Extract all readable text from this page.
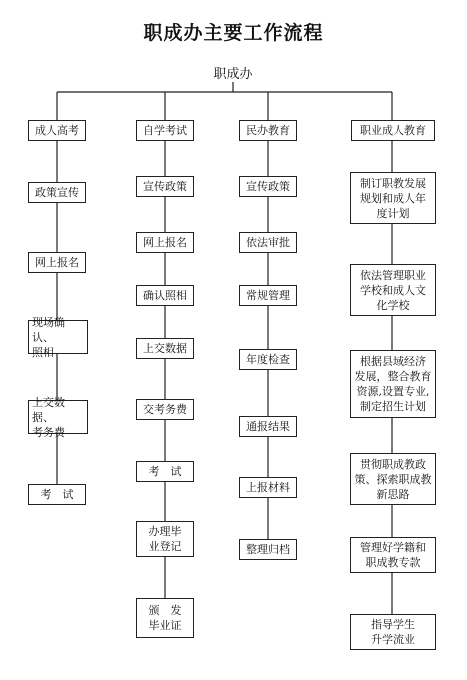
职成办主要工作流程
职成办
成人高考
政策宣传
网上报名
现场确认、
照相
上交数据、
考务费
考　试
自学考试
宣传政策
网上报名
确认照相
上交数据
交考务费
考　试
办理毕
业登记
颁　发
毕业证
民办教育
宣传政策
依法审批
常规管理
年度检查
通报结果
上报材料
整理归档
职业成人教育
制订职教发展
规划和成人年
度计划
依法管理职业
学校和成人文
化学校
根据县域经济
发展，整合教育
资源,设置专业,
制定招生计划
贯彻职成教政
策、探索职成教
新思路
管理好学籍和
职成教专款
指导学生
升学流业
